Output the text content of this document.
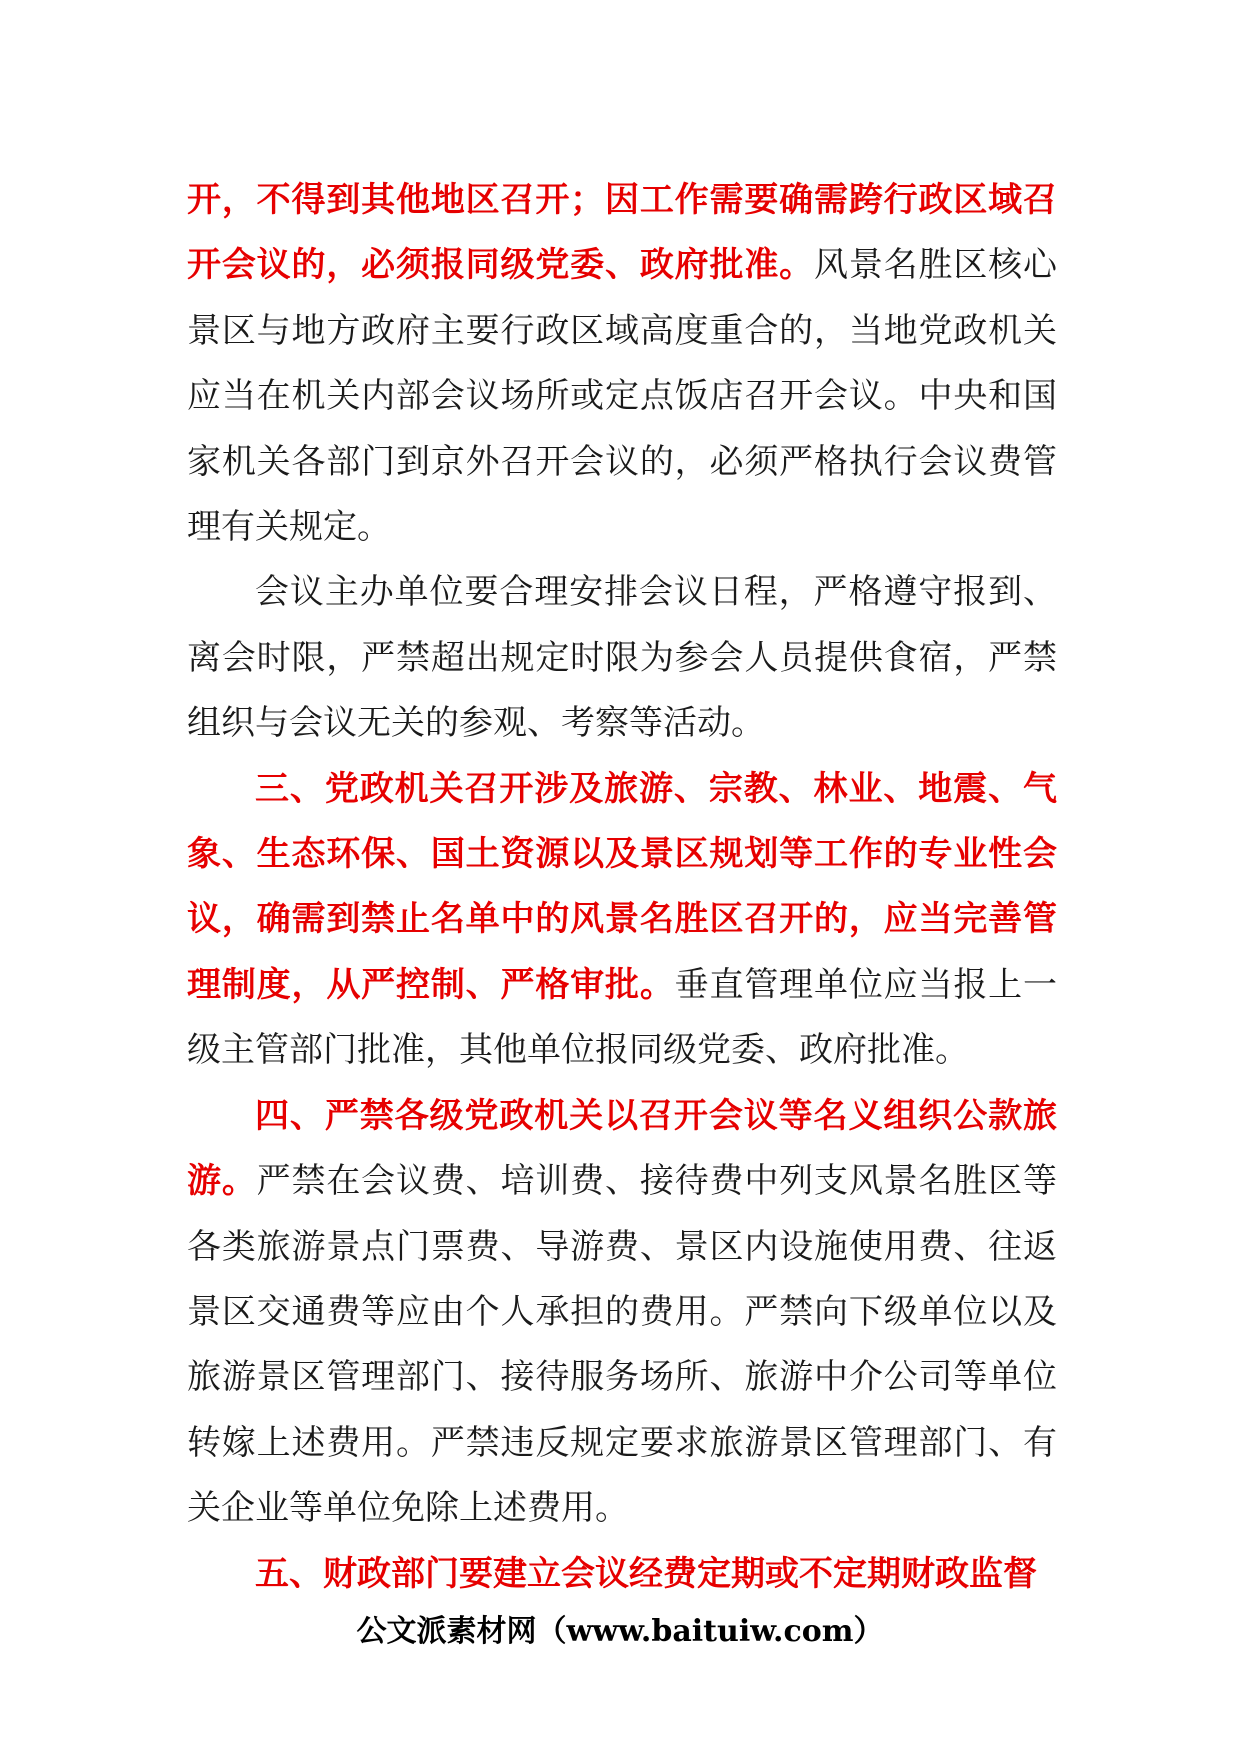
开，不得到其他地区召开；因工作需要确需跨行政区域召开会议的，必须报同级党委、政府批准。风景名胜区核心景区与地方政府主要行政区域高度重合的，当地党政机关应当在机关内部会议场所或定点饭店召开会议。中央和国家机关各部门到京外召开会议的，必须严格执行会议费管理有关规定。

会议主办单位要合理安排会议日程，严格遵守报到、离会时限，严禁超出规定时限为参会人员提供食宿，严禁组织与会议无关的参观、考察等活动。

三、党政机关召开涉及旅游、宗教、林业、地震、气象、生态环保、国土资源以及景区规划等工作的专业性会议，确需到禁止名单中的风景名胜区召开的，应当完善管理制度，从严控制、严格审批。垂直管理单位应当报上一级主管部门批准，其他单位报同级党委、政府批准。

四、严禁各级党政机关以召开会议等名义组织公款旅游。严禁在会议费、培训费、接待费中列支风景名胜区等各类旅游景点门票费、导游费、景区内设施使用费、往返景区交通费等应由个人承担的费用。严禁向下级单位以及旅游景区管理部门、接待服务场所、旅游中介公司等单位转嫁上述费用。严禁违反规定要求旅游景区管理部门、有关企业等单位免除上述费用。

五、财政部门要建立会议经费定期或不定期财政监督

公文派素材网（www.baituiw.com）
